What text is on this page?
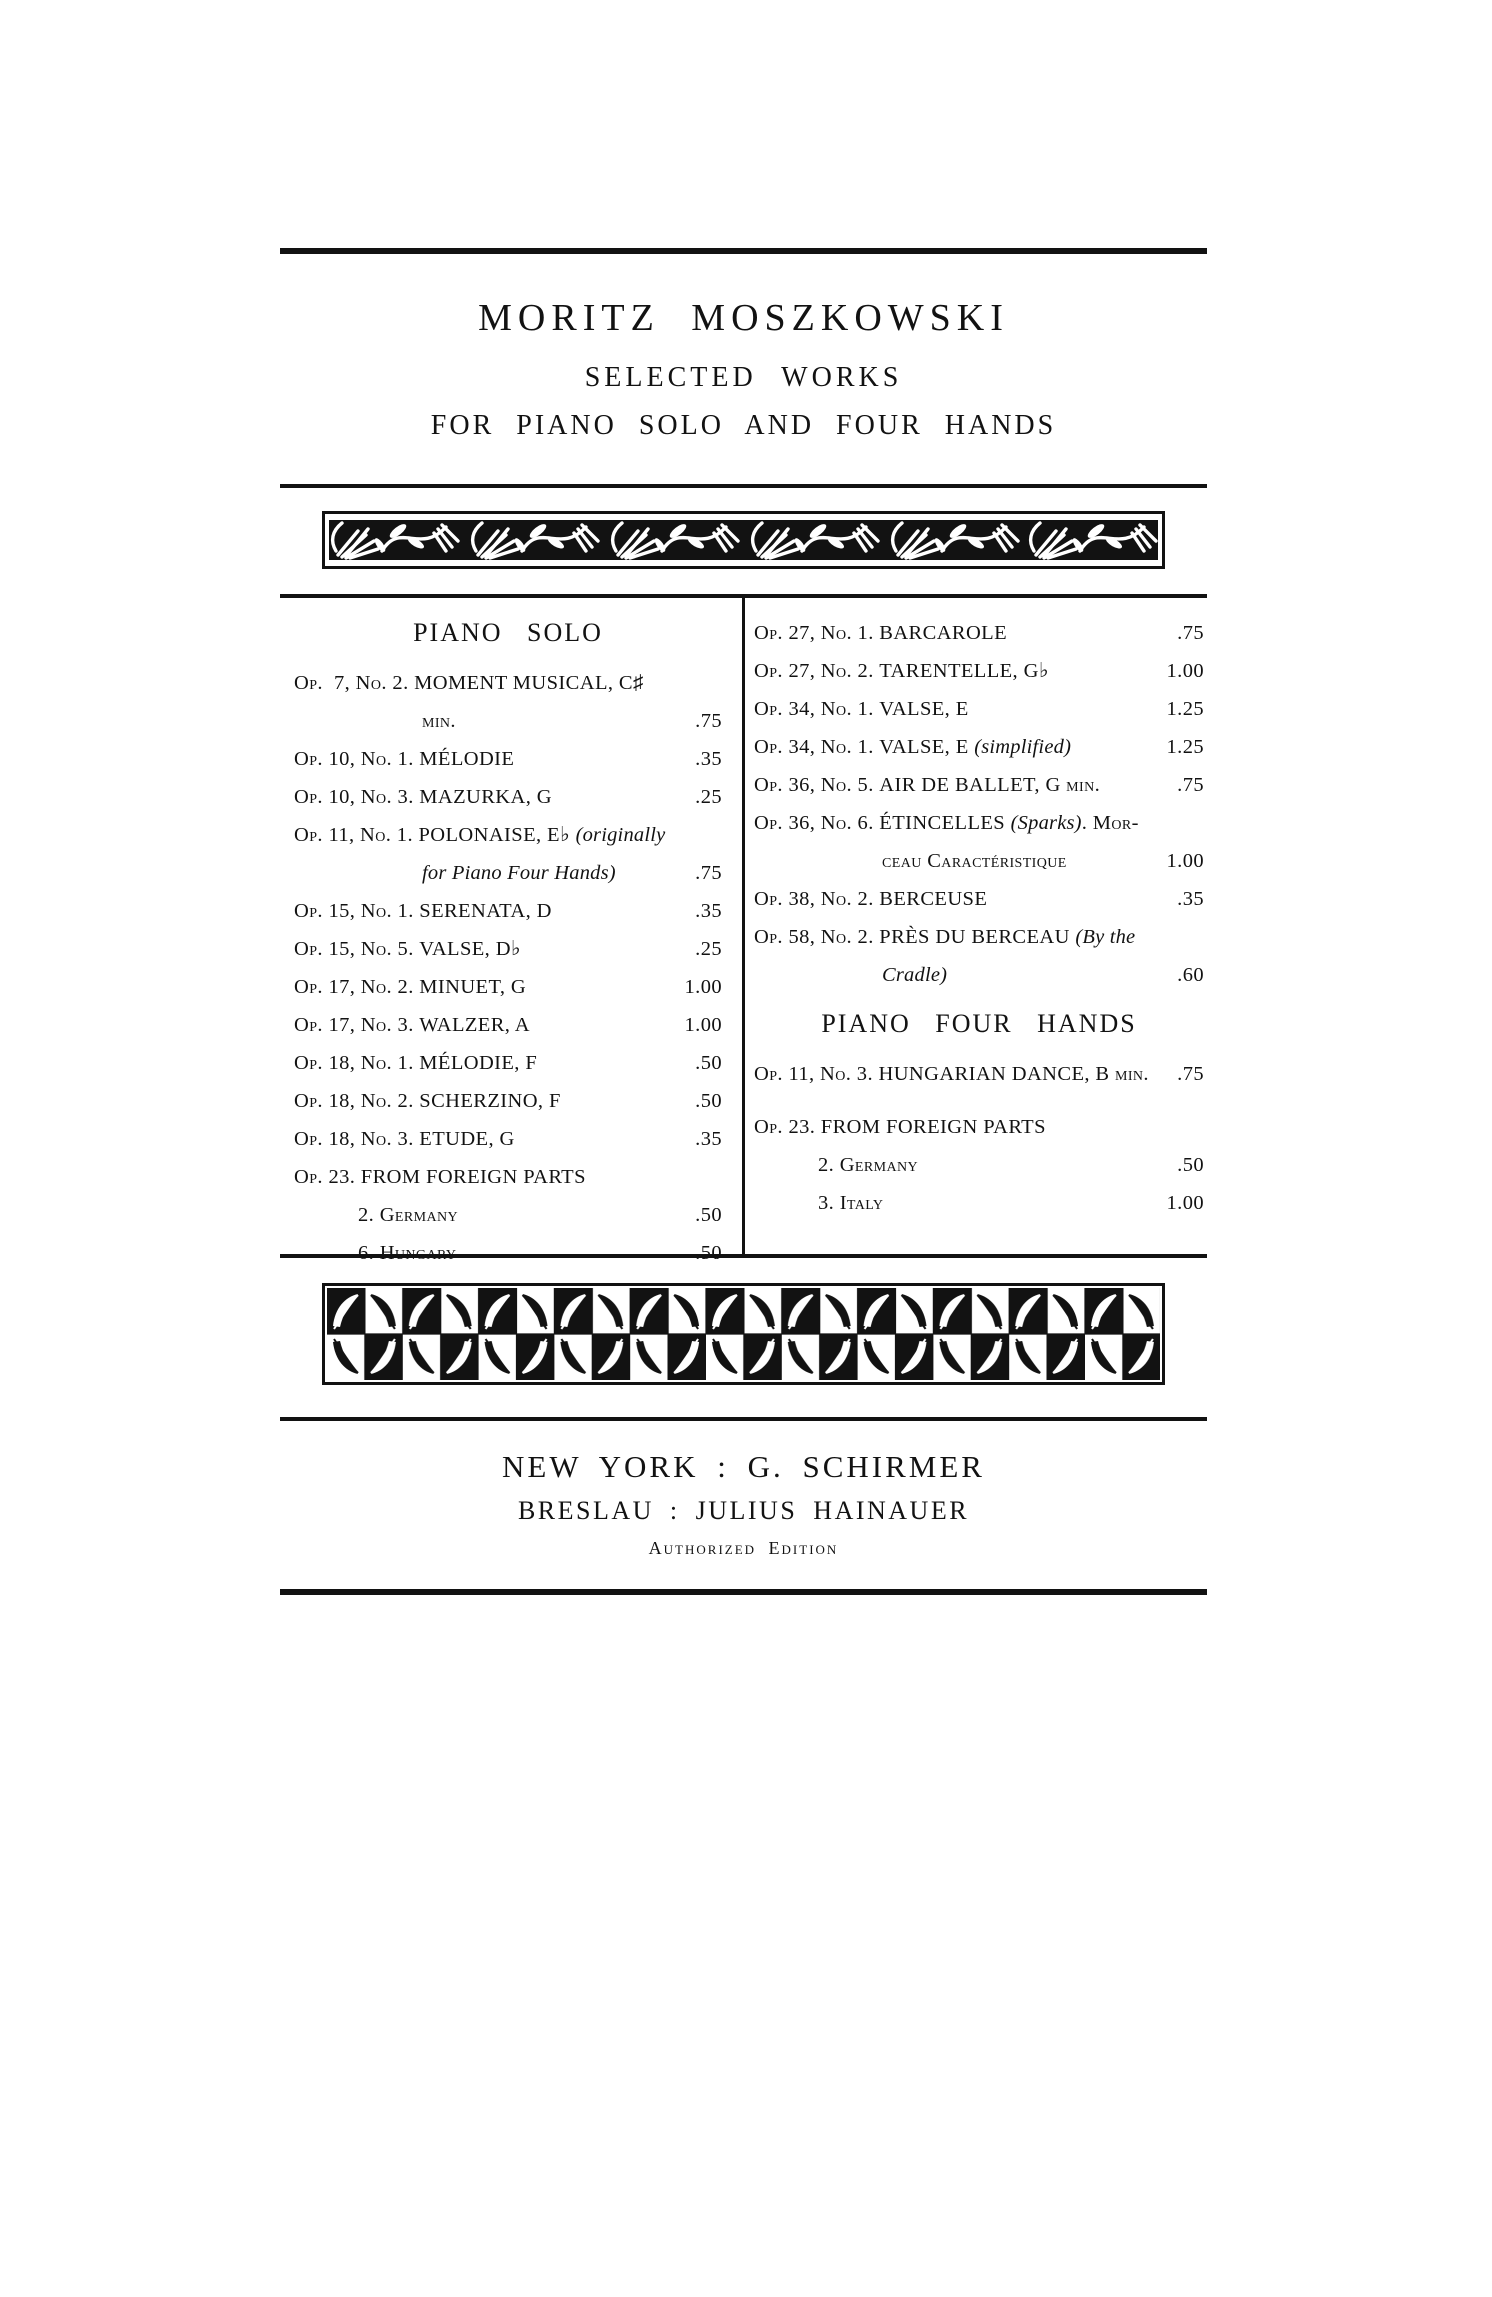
MORITZ MOSZKOWSKI
SELECTED WORKS
FOR PIANO SOLO AND FOUR HANDS
PIANO SOLO
Op.  7, No. 2. MOMENT MUSICAL, C♯ min.	.75
Op. 10, No. 1. MÉLODIE	.35
Op. 10, No. 3. MAZURKA, G	.25
Op. 11, No. 1. POLONAISE, E♭ (originally
for Piano Four Hands)	.75
Op. 15, No. 1. SERENATA, D	.35
Op. 15, No. 5. VALSE, D♭	.25
Op. 17, No. 2. MINUET, G	1.00
Op. 17, No. 3. WALZER, A	1.00
Op. 18, No. 1. MÉLODIE, F	.50
Op. 18, No. 2. SCHERZINO, F	.50
Op. 18, No. 3. ETUDE, G	.35
Op. 23. FROM FOREIGN PARTS
2. Germany	.50
6. Hungary	.50
Op. 27, No. 1. BARCAROLE	.75
Op. 27, No. 2. TARENTELLE, G♭	1.00
Op. 34, No. 1. VALSE, E	1.25
Op. 34, No. 1. VALSE, E (simplified)	1.25
Op. 36, No. 5. AIR DE BALLET, G min.	.75
Op. 36, No. 6. ÉTINCELLES (Sparks). Mor-
ceau Caractéristique	1.00
Op. 38, No. 2. BERCEUSE	.35
Op. 58, No. 2. PRÈS DU BERCEAU (By the
Cradle)	.60
PIANO FOUR HANDS
Op. 11, No. 3. HUNGARIAN DANCE, B min.	.75
Op. 23. FROM FOREIGN PARTS
2. Germany	.50
3. Italy	1.00
NEW YORK : G. SCHIRMER
BRESLAU : JULIUS HAINAUER
Authorized Edition
